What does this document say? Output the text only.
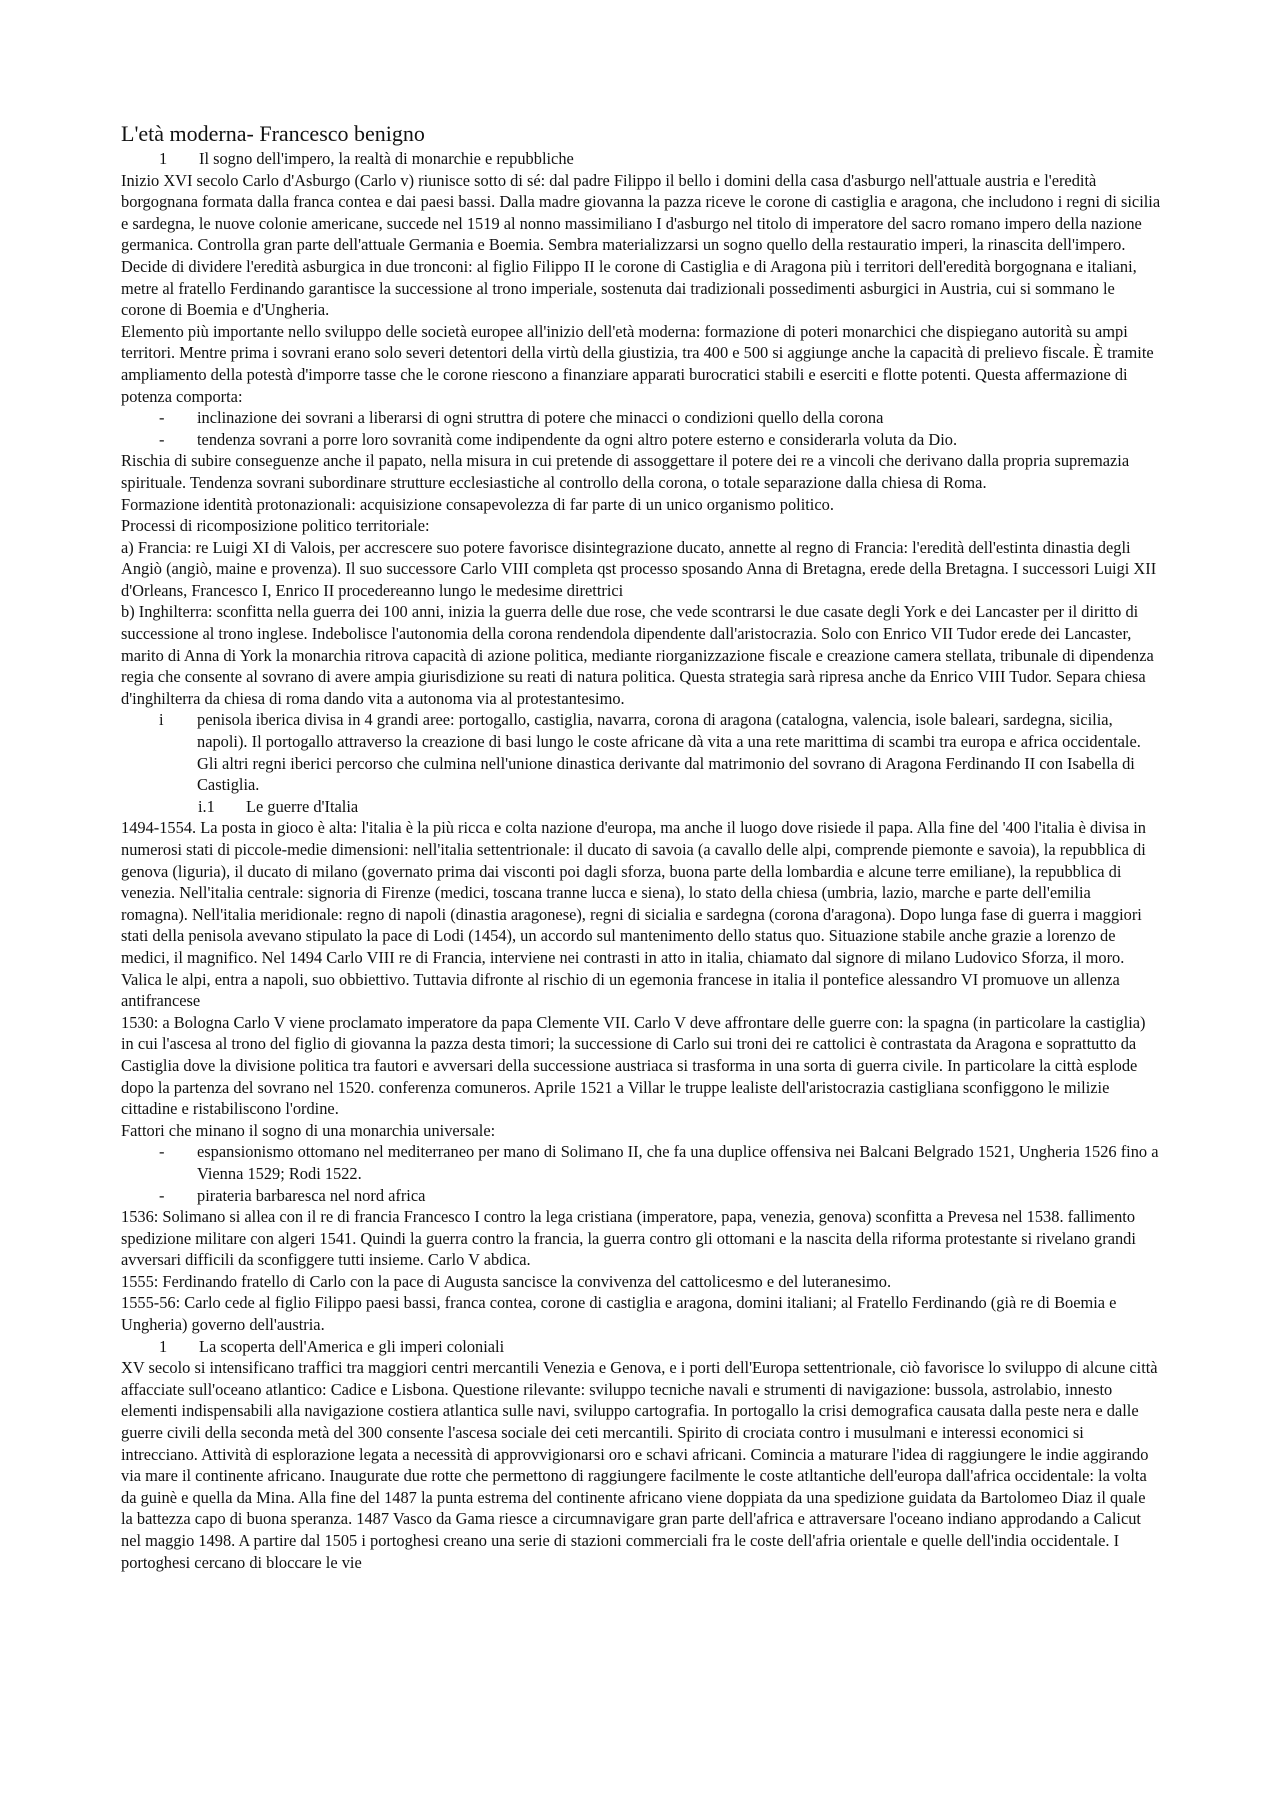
L'età moderna- Francesco benigno
1	Il sogno dell'impero, la realtà di monarchie e repubbliche

Inizio XVI secolo Carlo d'Asburgo (Carlo v) riunisce sotto di sé: dal padre Filippo il bello i domini della casa d'asburgo nell'attuale austria e l'eredità borgognana formata dalla franca contea e dai paesi bassi. Dalla madre giovanna la pazza riceve le corone di castiglia e aragona, che includono i regni di sicilia e sardegna, le nuove colonie americane, succede nel 1519 al nonno massimiliano I d'asburgo nel titolo di imperatore del sacro romano impero della nazione germanica. Controlla gran parte dell'attuale Germania e Boemia. Sembra materializzarsi un sogno quello della restauratio imperi, la rinascita dell'impero.

Decide di dividere l'eredità asburgica in due tronconi: al figlio Filippo II le corone di Castiglia e di Aragona più i territori dell'eredità borgognana e italiani, metre al fratello Ferdinando garantisce la successione al trono imperiale, sostenuta dai tradizionali possedimenti asburgici in Austria, cui si sommano le corone di Boemia e d'Ungheria.

Elemento più importante nello sviluppo delle società europee all'inizio dell'età moderna: formazione di poteri monarchici che dispiegano autorità su ampi territori. Mentre prima i sovrani erano solo severi detentori della virtù della giustizia, tra 400 e 500 si aggiunge anche la capacità di prelievo fiscale. È tramite ampliamento della potestà d'imporre tasse che le corone riescono a finanziare apparati burocratici stabili e eserciti e flotte potenti. Questa affermazione di potenza comporta:

-	inclinazione dei sovrani a liberarsi di ogni struttra di potere che minacci o condizioni quello della corona
-	tendenza sovrani a porre loro sovranità come indipendente da ogni altro potere esterno e considerarla voluta da Dio.

Rischia di subire conseguenze anche il papato, nella misura in cui pretende di assoggettare il potere dei re a vincoli che derivano dalla propria supremazia spirituale. Tendenza sovrani subordinare strutture ecclesiastiche al controllo della corona, o totale separazione dalla chiesa di Roma.

Formazione identità protonazionali: acquisizione consapevolezza di far parte di un unico organismo politico.

Processi di ricomposizione politico territoriale:

a) Francia: re Luigi XI di Valois, per accrescere suo potere favorisce disintegrazione ducato, annette al regno di Francia: l'eredità dell'estinta dinastia degli Angiò (angiò, maine e provenza). Il suo successore Carlo VIII completa qst processo sposando Anna di Bretagna, erede della Bretagna. I successori Luigi XII d'Orleans, Francesco I, Enrico II procedereanno lungo le medesime direttrici

b) Inghilterra: sconfitta nella guerra dei 100 anni, inizia la guerra delle due rose, che vede scontrarsi le due casate degli York e dei Lancaster per il diritto di successione al trono inglese. Indebolisce l'autonomia della corona rendendola dipendente dall'aristocrazia. Solo con Enrico VII Tudor erede dei Lancaster, marito di Anna di York la monarchia ritrova capacità di azione politica, mediante riorganizzazione fiscale e creazione camera stellata, tribunale di dipendenza regia che consente al sovrano di avere ampia giurisdizione su reati di natura politica. Questa strategia sarà ripresa anche da Enrico VIII Tudor. Separa chiesa d'inghilterra da chiesa di roma dando vita a autonoma via al protestantesimo.

i	penisola iberica divisa in 4 grandi aree: portogallo, castiglia, navarra, corona di aragona (catalogna, valencia, isole baleari, sardegna, sicilia, napoli). Il portogallo attraverso la creazione di basi lungo le coste africane dà vita a una rete marittima di scambi tra europa e africa occidentale. Gli altri regni iberici percorso che culmina nell'unione dinastica derivante dal matrimonio del sovrano di Aragona Ferdinando II con Isabella di Castiglia.
i.1	Le guerre d'Italia

1494-1554. La posta in gioco è alta: l'italia è la più ricca e colta nazione d'europa, ma anche il luogo dove risiede il papa. Alla fine del '400 l'italia è divisa in numerosi stati di piccole-medie dimensioni: nell'italia settentrionale: il ducato di savoia (a cavallo delle alpi, comprende piemonte e savoia), la repubblica di genova (liguria), il ducato di milano (governato prima dai visconti poi dagli sforza, buona parte della lombardia e alcune terre emiliane), la repubblica di venezia. Nell'italia centrale: signoria di Firenze (medici, toscana tranne lucca e siena), lo stato della chiesa (umbria, lazio, marche e parte dell'emilia romagna). Nell'italia meridionale: regno di napoli (dinastia aragonese), regni di sicialia e sardegna (corona d'aragona). Dopo lunga fase di guerra i maggiori stati della penisola avevano stipulato la pace di Lodi (1454), un accordo sul mantenimento dello status quo. Situazione stabile anche grazie a lorenzo de medici, il magnifico. Nel 1494 Carlo VIII re di Francia, interviene nei contrasti in atto in italia, chiamato dal signore di milano Ludovico Sforza, il moro. Valica le alpi, entra a napoli, suo obbiettivo. Tuttavia difronte al rischio di un egemonia francese in italia il pontefice alessandro VI promuove un allenza antifrancese

1530: a Bologna Carlo V viene proclamato imperatore da papa Clemente VII. Carlo V deve affrontare delle guerre con: la spagna (in particolare la castiglia) in cui l'ascesa al trono del figlio di giovanna la pazza desta timori; la successione di Carlo sui troni dei re cattolici è contrastata da Aragona e soprattutto da Castiglia dove la divisione politica tra fautori e avversari della successione austriaca si trasforma in una sorta di guerra civile. In particolare la città esplode dopo la partenza del sovrano nel 1520. conferenza comuneros. Aprile 1521 a Villar le truppe lealiste dell'aristocrazia castigliana sconfiggono le milizie cittadine e ristabiliscono l'ordine.

Fattori che minano il sogno di una monarchia universale:

-	espansionismo ottomano nel mediterraneo per mano di Solimano II, che fa una duplice offensiva nei Balcani Belgrado 1521, Ungheria 1526 fino a Vienna 1529; Rodi 1522.
-	pirateria barbaresca nel nord africa

1536: Solimano si allea con il re di francia Francesco I contro la lega cristiana (imperatore, papa, venezia, genova) sconfitta a Prevesa nel 1538. fallimento spedizione militare con algeri 1541. Quindi la guerra contro la francia, la guerra contro gli ottomani e la nascita della riforma protestante si rivelano grandi avversari difficili da sconfiggere tutti insieme. Carlo V abdica.

1555: Ferdinando fratello di Carlo con la pace di Augusta sancisce la convivenza del cattolicesmo e del luteranesimo.

1555-56: Carlo cede al figlio Filippo paesi bassi, franca contea, corone di castiglia e aragona, domini italiani; al Fratello Ferdinando (già re di Boemia e Ungheria) governo dell'austria.

1	La scoperta dell'America e gli imperi coloniali

XV secolo si intensificano traffici tra maggiori centri mercantili Venezia e Genova, e i porti dell'Europa settentrionale, ciò favorisce lo sviluppo di alcune città affacciate sull'oceano atlantico: Cadice e Lisbona. Questione rilevante: sviluppo tecniche navali e strumenti di navigazione: bussola, astrolabio, innesto elementi indispensabili alla navigazione costiera atlantica sulle navi, sviluppo cartografia. In portogallo la crisi demografica causata dalla peste nera e dalle guerre civili della seconda metà del 300 consente l'ascesa sociale dei ceti mercantili. Spirito di crociata contro i musulmani e interessi economici si intrecciano. Attività di esplorazione legata a necessità di approvvigionarsi oro e schavi africani. Comincia a maturare l'idea di raggiungere le indie aggirando via mare il continente africano. Inaugurate due rotte che permettono di raggiungere facilmente le coste atltantiche dell'europa dall'africa occidentale: la volta da guinè e quella da Mina. Alla fine del 1487 la punta estrema del continente africano viene doppiata da una spedizione guidata da Bartolomeo Diaz il quale la battezza capo di buona speranza. 1487 Vasco da Gama riesce a circumnavigare gran parte dell'africa e attraversare l'oceano indiano approdando a Calicut nel maggio 1498. A partire dal 1505 i portoghesi creano una serie di stazioni commerciali fra le coste dell'afria orientale e quelle dell'india occidentale. I portoghesi cercano di bloccare le vie
